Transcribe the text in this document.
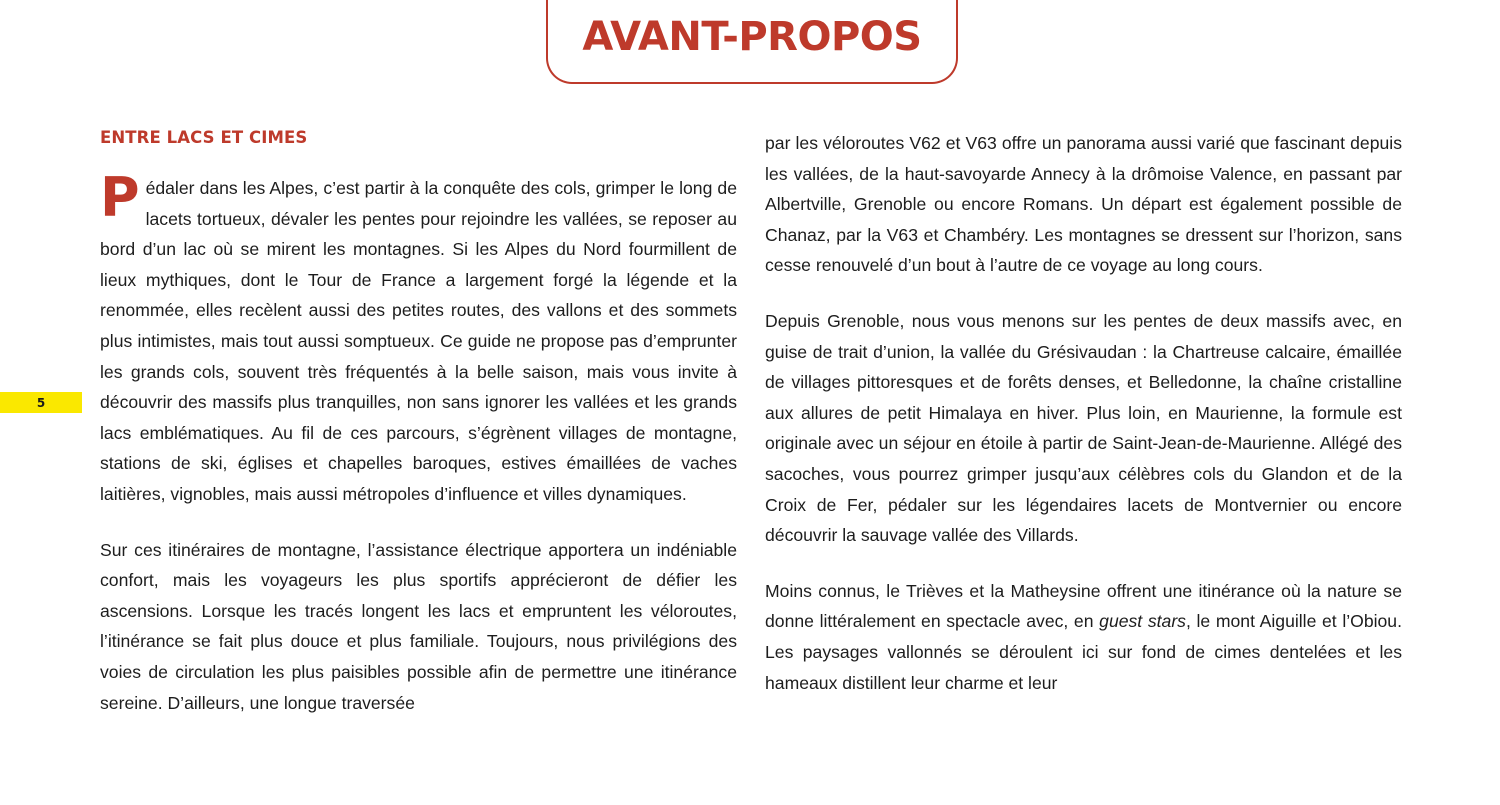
AVANT-PROPOS
5
ENTRE LACS ET CIMES

Pédaler dans les Alpes, c’est partir à la conquête des cols, grimper le long de lacets tortueux, dévaler les pentes pour rejoindre les vallées, se reposer au bord d’un lac où se mirent les montagnes. Si les Alpes du Nord fourmillent de lieux mythiques, dont le Tour de France a largement forgé la légende et la renommée, elles recèlent aussi des petites routes, des vallons et des sommets plus intimistes, mais tout aussi somptueux. Ce guide ne propose pas d’emprunter les grands cols, souvent très fréquentés à la belle saison, mais vous invite à découvrir des massifs plus tranquilles, non sans ignorer les vallées et les grands lacs emblématiques. Au fil de ces parcours, s’égrènent villages de montagne, stations de ski, églises et chapelles baroques, estives émaillées de vaches laitières, vignobles, mais aussi métropoles d’influence et villes dynamiques.

Sur ces itinéraires de montagne, l’assistance électrique apportera un indéniable confort, mais les voyageurs les plus sportifs apprécieront de défier les ascensions. Lorsque les tracés longent les lacs et empruntent les véloroutes, l’itinérance se fait plus douce et plus familiale. Toujours, nous privilégions des voies de circulation les plus paisibles possible afin de permettre une itinérance sereine. D’ailleurs, une longue traversée

par les véloroutes V62 et V63 offre un panorama aussi varié que fascinant depuis les vallées, de la haut-savoyarde Annecy à la drômoise Valence, en passant par Albertville, Grenoble ou encore Romans. Un départ est également possible de Chanaz, par la V63 et Chambéry. Les montagnes se dressent sur l’horizon, sans cesse renouvelé d’un bout à l’autre de ce voyage au long cours.

Depuis Grenoble, nous vous menons sur les pentes de deux massifs avec, en guise de trait d’union, la vallée du Grésivaudan : la Chartreuse calcaire, émaillée de villages pittoresques et de forêts denses, et Belledonne, la chaîne cristalline aux allures de petit Himalaya en hiver. Plus loin, en Maurienne, la formule est originale avec un séjour en étoile à partir de Saint-Jean-de-Maurienne. Allégé des sacoches, vous pourrez grimper jusqu’aux célèbres cols du Glandon et de la Croix de Fer, pédaler sur les légendaires lacets de Montvernier ou encore découvrir la sauvage vallée des Villards.

Moins connus, le Trièves et la Matheysine offrent une itinérance où la nature se donne littéralement en spectacle avec, en guest stars, le mont Aiguille et l’Obiou. Les paysages vallonnés se déroulent ici sur fond de cimes dentelées et les hameaux distillent leur charme et leur
